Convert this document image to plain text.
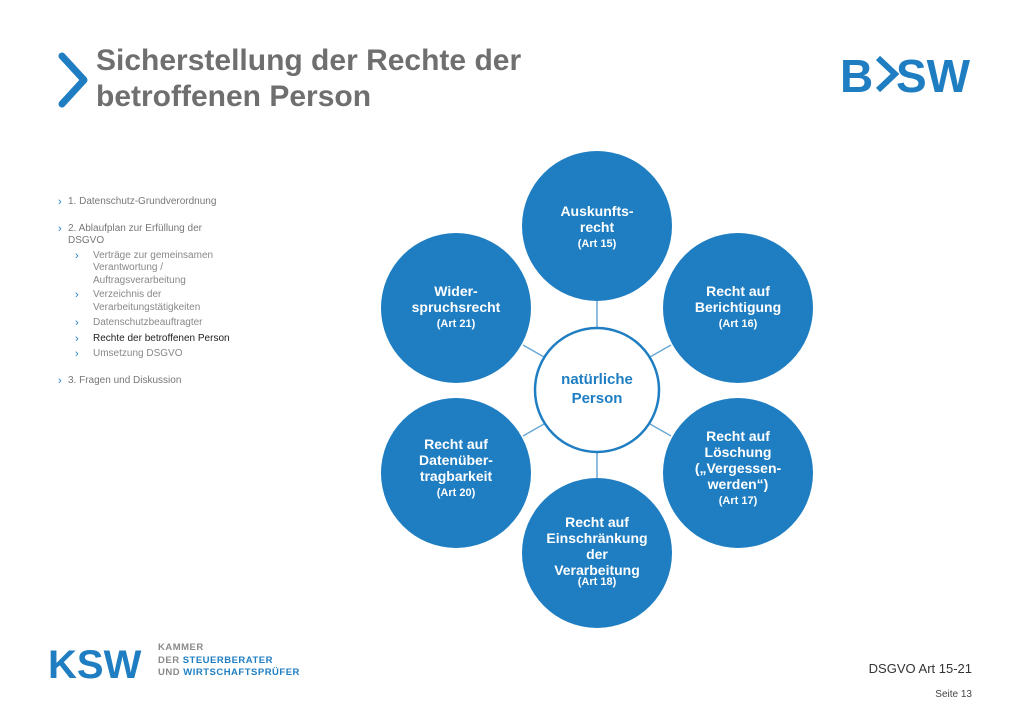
Sicherstellung der Rechte der
betroffenen Person	B SW
› 1. Datenschutz-Grundverordnung
› 2. Ablaufplan zur Erfüllung der
DSGVO
› Verträge zur gemeinsamen
Verantwortung /
Auftragsverarbeitung
› Verzeichnis der
Verarbeitungstätigkeiten
› Datenschutzbeauftragter
› Rechte der betroffenen Person
› Umsetzung DSGVO
› 3. Fragen und Diskussion	natürliche
Person
Auskunfts-
recht
(Art 15)
Recht auf
Berichtigung
(Art 16)
Recht auf
Löschung
(„Vergessen-
werden“)
(Art 17)
Recht auf
Einschränkung
der
Verarbeitung
(Art 18)
Recht auf
Datenüber-
tragbarkeit
(Art 20)
Wider-
spruchsrecht
(Art 21)
KSW KAMMER
DER STEUERBERATER
UND WIRTSCHAFTSPRÜFER	DSGVO Art 15-21
Seite 13
